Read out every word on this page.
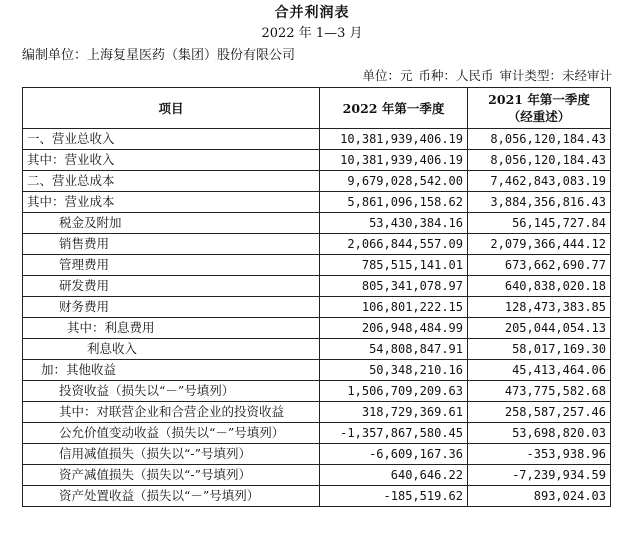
合并利润表
2022 年 1—3 月
编制单位：上海复星医药（集团）股份有限公司
单位：元 币种：人民币 审计类型：未经审计
项目	2022 年第一季度	2021 年第一季度
（经重述）
一、营业总收入	10,381,939,406.19	8,056,120,184.43
其中：营业收入	10,381,939,406.19	8,056,120,184.43
二、营业总成本	9,679,028,542.00	7,462,843,083.19
其中：营业成本	5,861,096,158.62	3,884,356,816.43
税金及附加	53,430,384.16	56,145,727.84
销售费用	2,066,844,557.09	2,079,366,444.12
管理费用	785,515,141.01	673,662,690.77
研发费用	805,341,078.97	640,838,020.18
财务费用	106,801,222.15	128,473,383.85
其中：利息费用	206,948,484.99	205,044,054.13
利息收入	54,808,847.91	58,017,169.30
加：其他收益	50,348,210.16	45,413,464.06
投资收益（损失以“－”号填列）	1,506,709,209.63	473,775,582.68
其中：对联营企业和合营企业的投资收益	318,729,369.61	258,587,257.46
公允价值变动收益（损失以“－”号填列）	-1,357,867,580.45	53,698,820.03
信用减值损失（损失以“-”号填列）	-6,609,167.36	-353,938.96
资产减值损失（损失以“-”号填列）	640,646.22	-7,239,934.59
资产处置收益（损失以“－”号填列）	-185,519.62	893,024.03
